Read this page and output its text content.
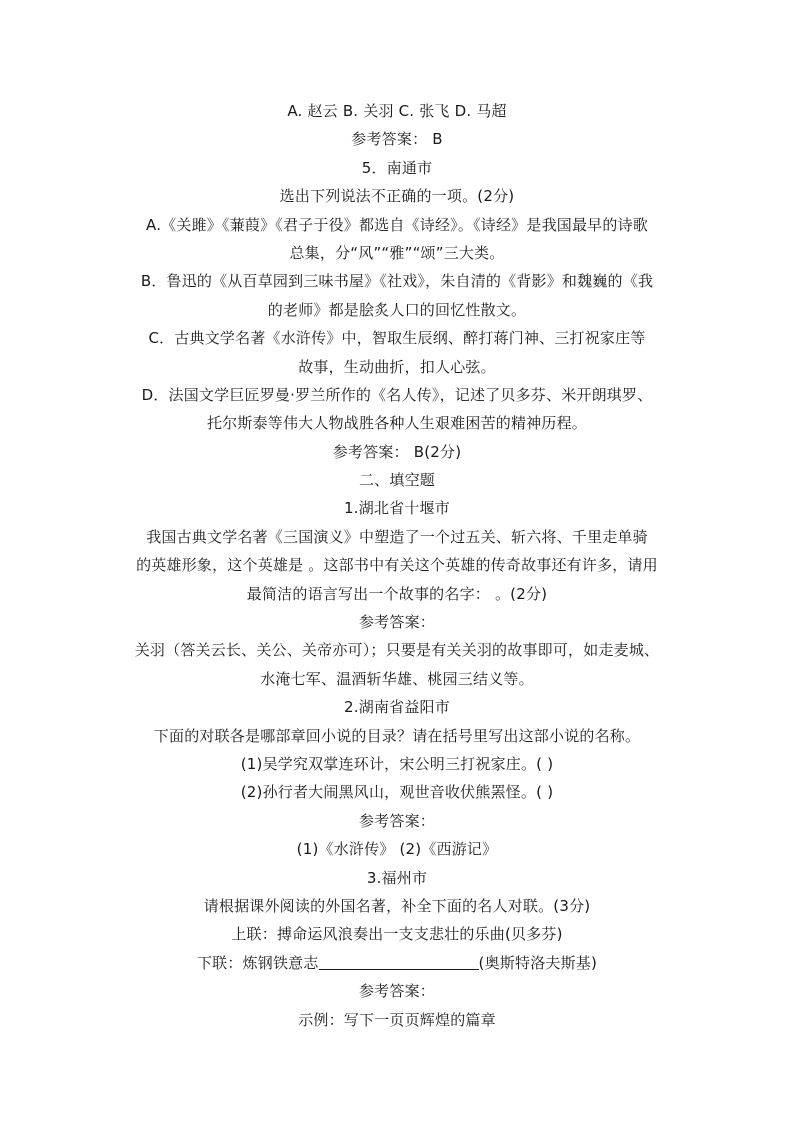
A. 赵云 B. 关羽 C. 张飞 D. 马超
参考答案： B
5．南通市
选出下列说法不正确的一项。(2分)
A.《关雎》《蒹葭》《君子于役》都选自《诗经》。《诗经》是我国最早的诗歌
总集，分“风”“雅”“颂”三大类。
B．鲁迅的《从百草园到三味书屋》《社戏》，朱自清的《背影》和魏巍的《我
的老师》都是脍炙人口的回忆性散文。
C．古典文学名著《水浒传》中，智取生辰纲、醉打蒋门神、三打祝家庄等
故事，生动曲折，扣人心弦。
D．法国文学巨匠罗曼·罗兰所作的《名人传》，记述了贝多芬、米开朗琪罗、
托尔斯泰等伟大人物战胜各种人生艰难困苦的精神历程。
参考答案： B(2分)
二、填空题
1.湖北省十堰市
我国古典文学名著《三国演义》中塑造了一个过五关、斩六将、千里走单骑
的英雄形象，这个英雄是 。这部书中有关这个英雄的传奇故事还有许多，请用
最简洁的语言写出一个故事的名字： 。(2分)
参考答案：
关羽（答关云长、关公、关帝亦可）；只要是有关关羽的故事即可，如走麦城、
水淹七军、温酒斩华雄、桃园三结义等。
2.湖南省益阳市
下面的对联各是哪部章回小说的目录？请在括号里写出这部小说的名称。
(1)吴学究双掌连环计，宋公明三打祝家庄。( )
(2)孙行者大闹黑风山，观世音收伏熊罴怪。( )
参考答案：
(1)《水浒传》 (2)《西游记》
3.福州市
请根据课外阅读的外国名著，补全下面的名人对联。(3分)
上联：搏命运风浪奏出一支支悲壮的乐曲(贝多芬)
下联：炼钢铁意志	(奥斯特洛夫斯基)
参考答案：
示例：写下一页页辉煌的篇章
